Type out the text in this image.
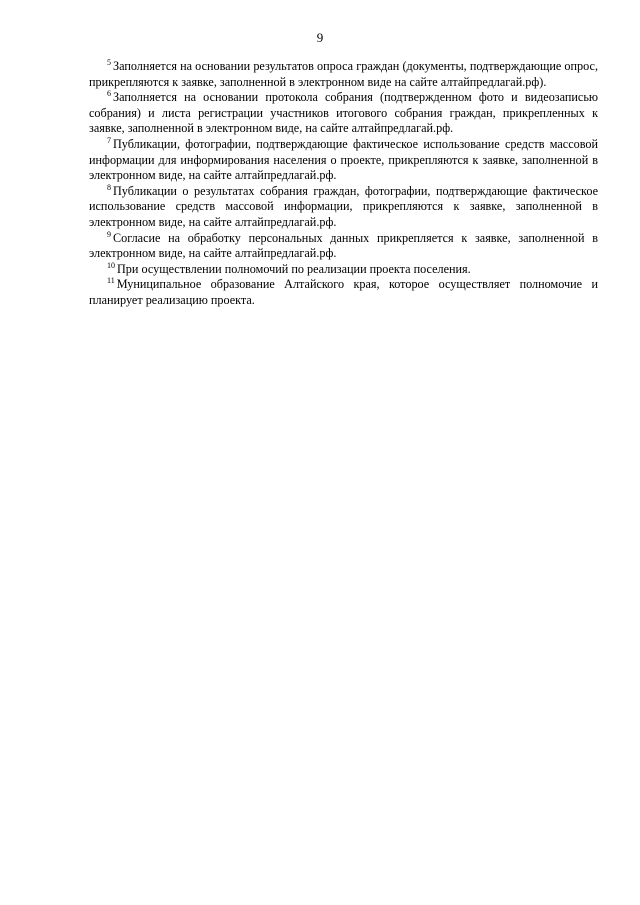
9

$^5$ Заполняется на основании результатов опроса граждан (документы, подтверждающие опрос, прикрепляются к заявке, заполненной в электронном виде на сайте алтайпредлагай.рф).

$^6$ Заполняется на основании протокола собрания (подтвержденном фото и видеозаписью собрания) и листа регистрации участников итогового собрания граждан, прикрепленных к заявке, заполненной в электронном виде, на сайте алтайпредлагай.рф.

$^7$ Публикации, фотографии, подтверждающие фактическое использование средств массовой информации для информирования населения о проекте, прикрепляются к заявке, заполненной в электронном виде, на сайте алтайпредлагай.рф.

$^8$ Публикации о результатах собрания граждан, фотографии, подтверждающие фактическое использование средств массовой информации, прикрепляются к заявке, заполненной в электронном виде, на сайте алтайпредлагай.рф.

$^9$ Согласие на обработку персональных данных прикрепляется к заявке, заполненной в электронном виде, на сайте алтайпредлагай.рф.

$^{10}$ При осуществлении полномочий по реализации проекта поселения.

$^{11}$ Муниципальное образование Алтайского края, которое осуществляет полномочие и планирует реализацию проекта.
